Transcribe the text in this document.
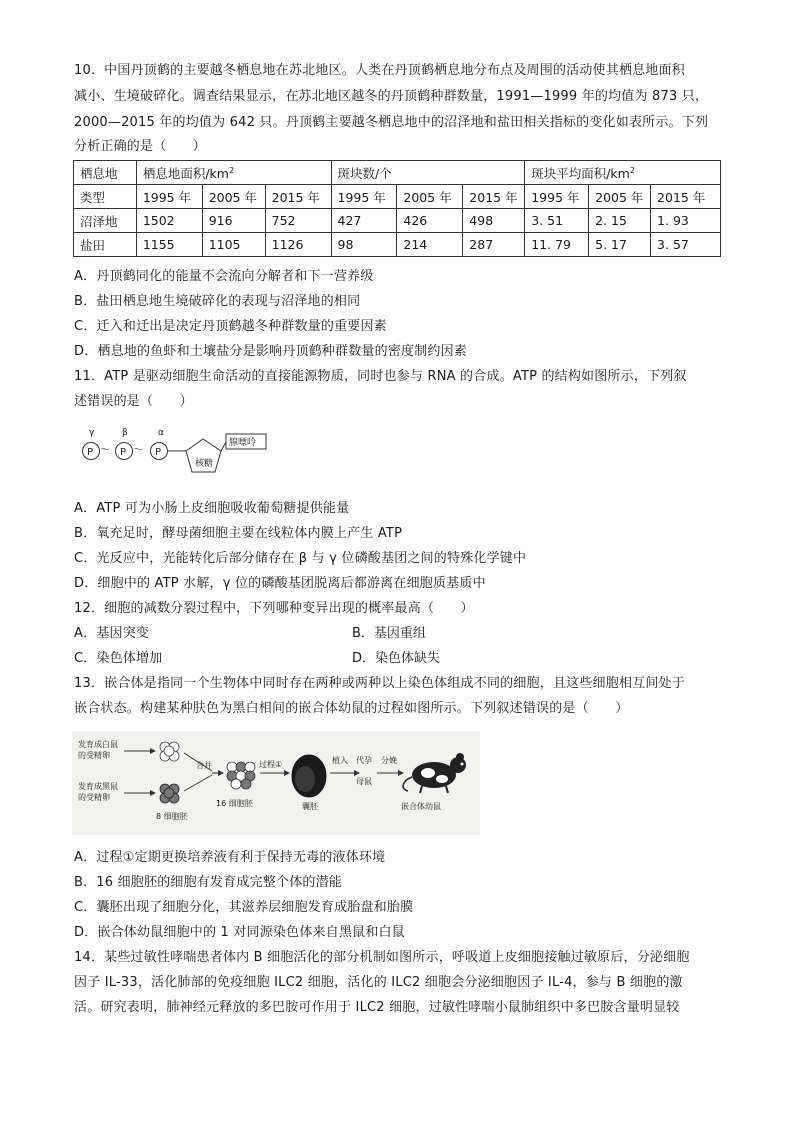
10．中国丹顶鹤的主要越冬栖息地在苏北地区。人类在丹顶鹤栖息地分布点及周围的活动使其栖息地面积
减小、生境破碎化。调查结果显示，在苏北地区越冬的丹顶鹤种群数量，1991—1999 年的均值为 873 只，
2000—2015 年的均值为 642 只。丹顶鹤主要越冬栖息地中的沼泽地和盐田相关指标的变化如表所示。下列
分析正确的是（　　）
栖息地	栖息地面积$/km^2$			斑块数/个			斑块平均面积$/km^2$
类型	1995 年	2005 年	2015 年	1995 年	2005 年	2015 年	1995 年	2005 年	2015 年
沼泽地	1502	916	752	427	426	498	3. 51	2. 15	1. 93
盐田	1155	1105	1126	98	214	287	11. 79	5. 17	3. 57
A．丹顶鹤同化的能量不会流向分解者和下一营养级
B．盐田栖息地生境破碎化的表现与沼泽地的相同
C．迁入和迁出是决定丹顶鹤越冬种群数量的重要因素
D．栖息地的鱼虾和土壤盐分是影响丹顶鹤种群数量的密度制约因素
11．ATP 是驱动细胞生命活动的直接能源物质，同时也参与 RNA 的合成。ATP 的结构如图所示，下列叙
述错误的是（　　）
γ	β	α
P ～ P ～ P
核糖
腺嘌呤
A．ATP 可为小肠上皮细胞吸收葡萄糖提供能量
B．氧充足时，酵母菌细胞主要在线粒体内膜上产生 ATP
C．光反应中，光能转化后部分储存在 β 与 γ 位磷酸基团之间的特殊化学键中
D．细胞中的 ATP 水解，γ 位的磷酸基团脱离后都游离在细胞质基质中
12．细胞的减数分裂过程中，下列哪种变异出现的概率最高（　　）
A．基因突变	B．基因重组
C．染色体增加	D．染色体缺失
13．嵌合体是指同一个生物体中同时存在两种或两种以上染色体组成不同的细胞，且这些细胞相互间处于
嵌合状态。构建某种肤色为黑白相间的嵌合体幼鼠的过程如图所示。下列叙述错误的是（　　）
发育成白鼠
的受精卵
发育成黑鼠
的受精卵
8 细胞胚
合并
16 细胞胚
过程①
囊胚
植入 代孕
母鼠
分娩
嵌合体幼鼠
A．过程①定期更换培养液有利于保持无毒的液体环境
B．16 细胞胚的细胞有发育成完整个体的潜能
C．囊胚出现了细胞分化，其滋养层细胞发育成胎盘和胎膜
D．嵌合体幼鼠细胞中的 1 对同源染色体来自黑鼠和白鼠
14．某些过敏性哮喘患者体内 B 细胞活化的部分机制如图所示，呼吸道上皮细胞接触过敏原后，分泌细胞
因子 IL-33，活化肺部的免疫细胞 ILC2 细胞，活化的 ILC2 细胞会分泌细胞因子 IL-4，参与 B 细胞的激
活。研究表明，肺神经元释放的多巴胺可作用于 ILC2 细胞，过敏性哮喘小鼠肺组织中多巴胺含量明显较
